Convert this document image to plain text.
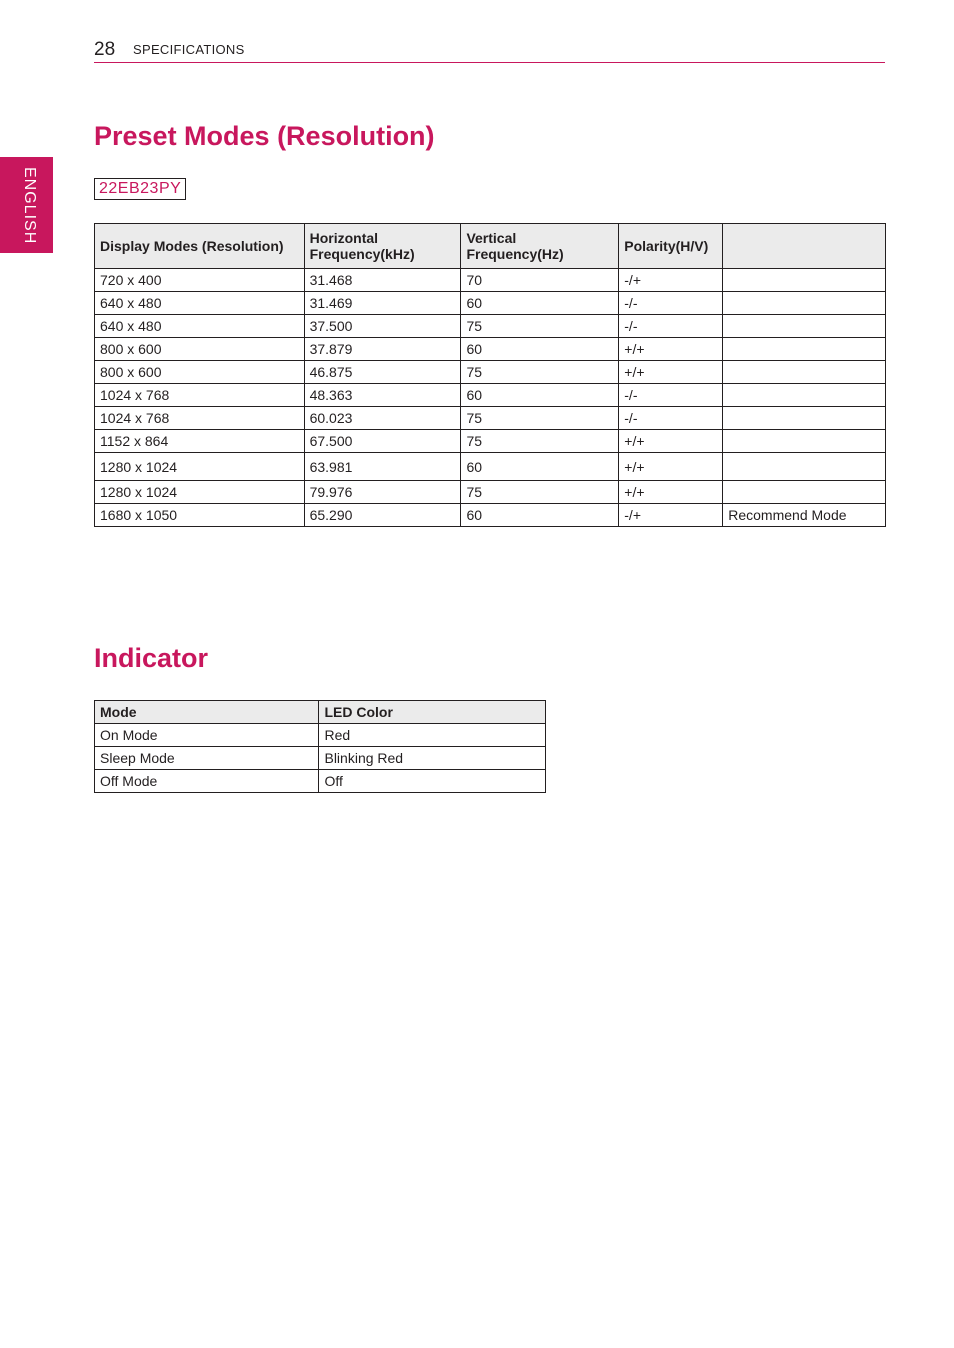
28 SPECIFICATIONS
ENGLISH
Preset Modes (Resolution)
22EB23PY
Display Modes (Resolution)	Horizontal Frequency(kHz)	Vertical Frequency(Hz)	Polarity(H/V)	
720 x 400	31.468	70	-/+	
640 x 480	31.469	60	-/-	
640 x 480	37.500	75	-/-	
800 x 600	37.879	60	+/+	
800 x 600	46.875	75	+/+	
1024 x 768	48.363	60	-/-	
1024 x 768	60.023	75	-/-	
1152 x 864	67.500	75	+/+	
1280 x 1024	63.981	60	+/+	
1280 x 1024	79.976	75	+/+	
1680 x 1050	65.290	60	-/+	Recommend Mode
Indicator
Mode	LED Color
On Mode	Red
Sleep Mode	Blinking Red
Off Mode	Off
